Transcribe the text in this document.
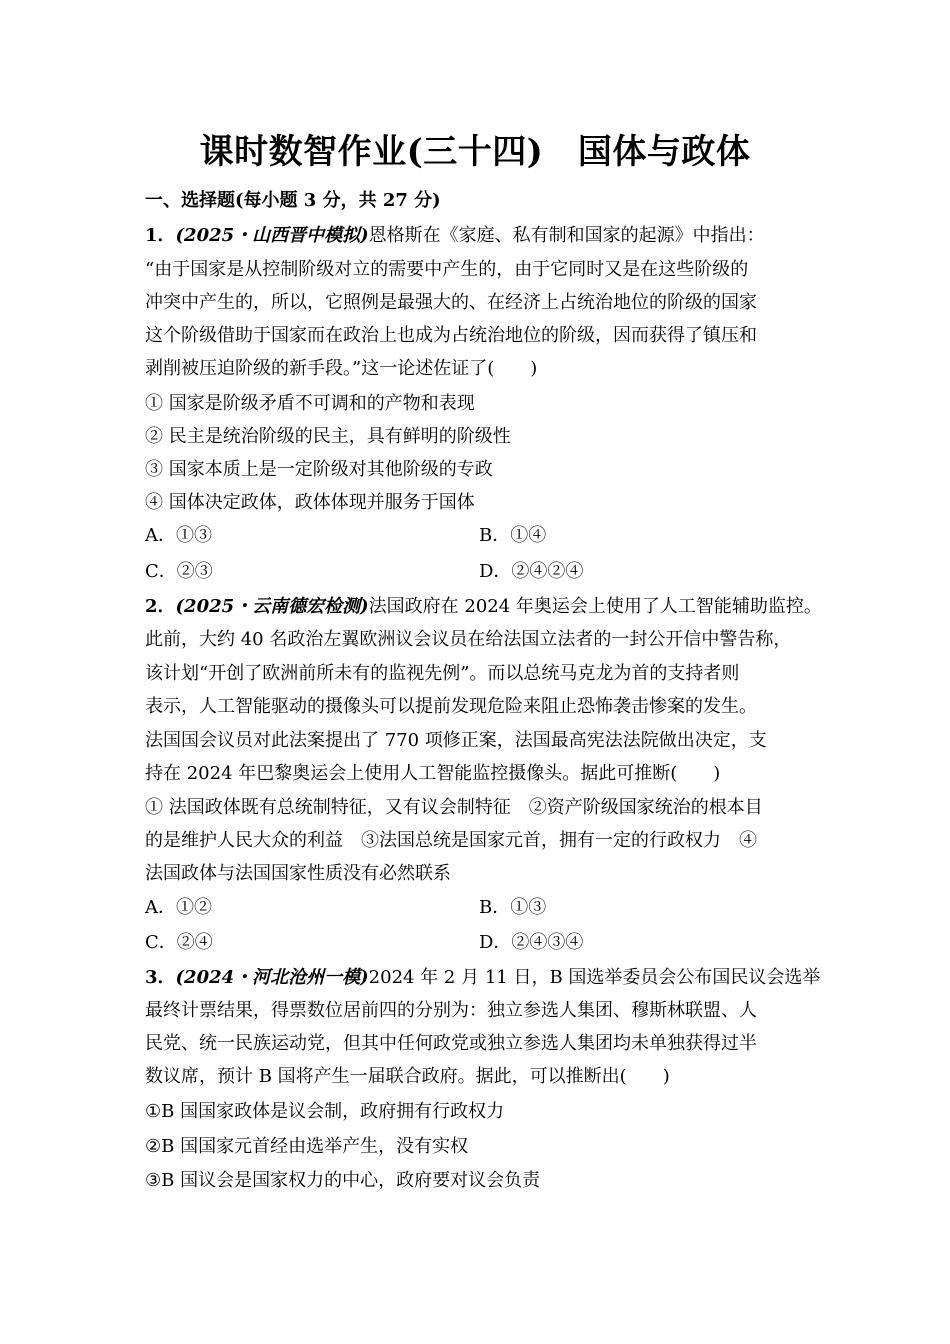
课时数智作业(三十四)　国体与政体
一、选择题(每小题 3 分，共 27 分)
1．(2025・山西晋中模拟)恩格斯在《家庭、私有制和国家的起源》中指出：
“由于国家是从控制阶级对立的需要中产生的，由于它同时又是在这些阶级的
冲突中产生的，所以，它照例是最强大的、在经济上占统治地位的阶级的国家
这个阶级借助于国家而在政治上也成为占统治地位的阶级，因而获得了镇压和
剥削被压迫阶级的新手段。”这一论述佐证了(　　)
① 国家是阶级矛盾不可调和的产物和表现
② 民主是统治阶级的民主，具有鲜明的阶级性
③ 国家本质上是一定阶级对其他阶级的专政
④ 国体决定政体，政体体现并服务于国体
A．①③	B．①④
C．②③	D．②④②④
2．(2025・云南德宏检测)法国政府在 2024 年奥运会上使用了人工智能辅助监控。
此前，大约 40 名政治左翼欧洲议会议员在给法国立法者的一封公开信中警告称，
该计划“开创了欧洲前所未有的监视先例”。而以总统马克龙为首的支持者则
表示，人工智能驱动的摄像头可以提前发现危险来阻止恐怖袭击惨案的发生。
法国国会议员对此法案提出了 770 项修正案，法国最高宪法法院做出决定，支
持在 2024 年巴黎奥运会上使用人工智能监控摄像头。据此可推断(　　)
① 法国政体既有总统制特征，又有议会制特征　②资产阶级国家统治的根本目
的是维护人民大众的利益　③法国总统是国家元首，拥有一定的行政权力　④
法国政体与法国国家性质没有必然联系
A．①②	B．①③
C．②④	D．②④③④
3．(2024・河北沧州一模)2024 年 2 月 11 日，B 国选举委员会公布国民议会选举
最终计票结果，得票数位居前四的分别为：独立参选人集团、穆斯林联盟、人
民党、统一民族运动党，但其中任何政党或独立参选人集团均未单独获得过半
数议席，预计 B 国将产生一届联合政府。据此，可以推断出(　　)
①B 国国家政体是议会制，政府拥有行政权力
②B 国国家元首经由选举产生，没有实权
③B 国议会是国家权力的中心，政府要对议会负责
